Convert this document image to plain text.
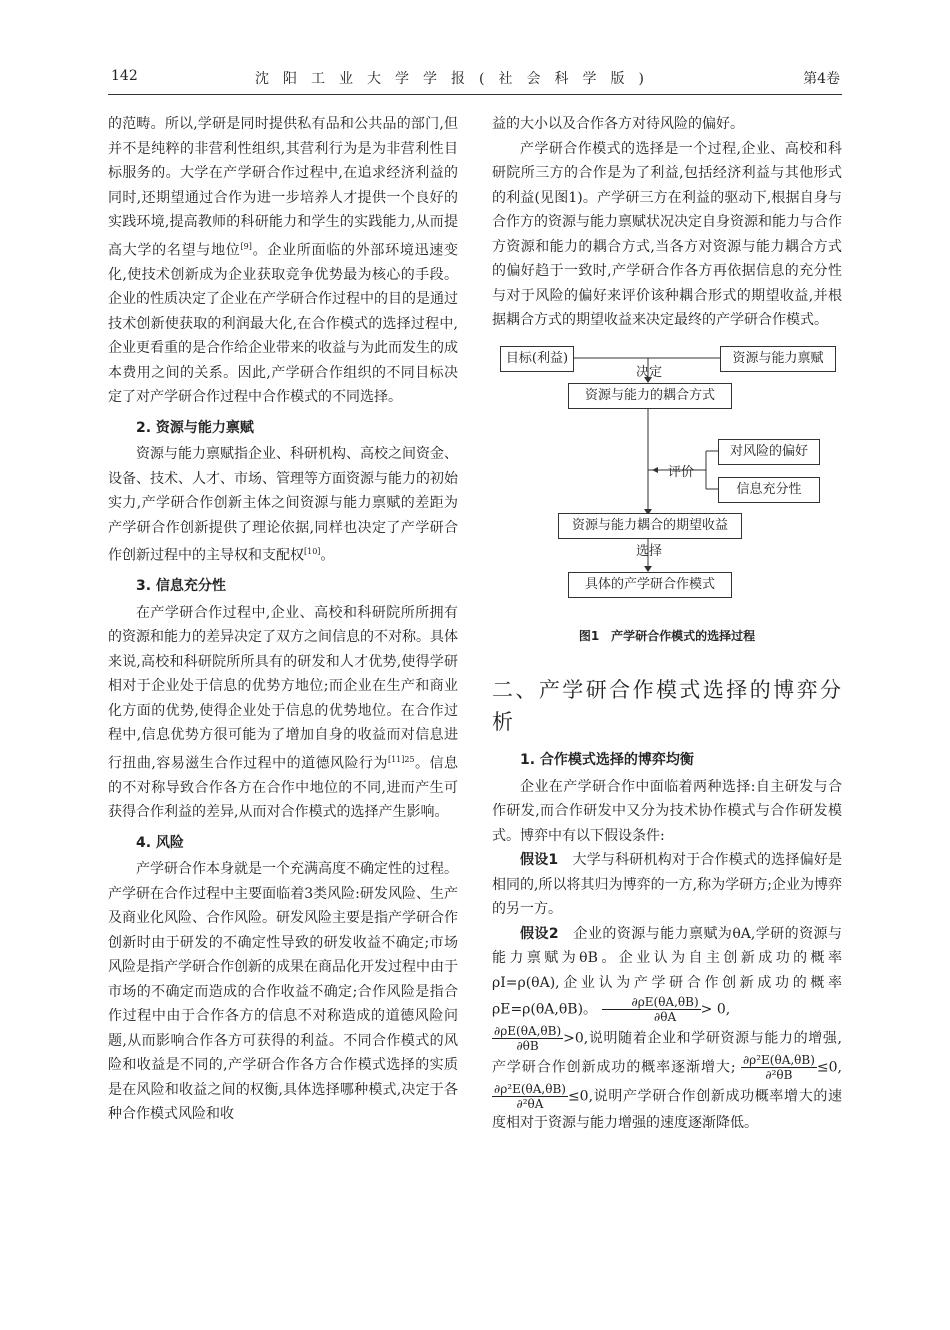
142	沈阳工业大学学报(社会科学版)	第4卷

的范畴。所以,学研是同时提供私有品和公共品的部门,但并不是纯粹的非营利性组织,其营利行为是为非营利性目标服务的。大学在产学研合作过程中,在追求经济利益的同时,还期望通过合作为进一步培养人才提供一个良好的实践环境,提高教师的科研能力和学生的实践能力,从而提高大学的名望与地位[9]。企业所面临的外部环境迅速变化,使技术创新成为企业获取竞争优势最为核心的手段。企业的性质决定了企业在产学研合作过程中的目的是通过技术创新使获取的利润最大化,在合作模式的选择过程中,企业更看重的是合作给企业带来的收益与为此而发生的成本费用之间的关系。因此,产学研合作组织的不同目标决定了对产学研合作过程中合作模式的不同选择。

2. 资源与能力禀赋

资源与能力禀赋指企业、科研机构、高校之间资金、设备、技术、人才、市场、管理等方面资源与能力的初始实力,产学研合作创新主体之间资源与能力禀赋的差距为产学研合作创新提供了理论依据,同样也决定了产学研合作创新过程中的主导权和支配权[10]。

3. 信息充分性

在产学研合作过程中,企业、高校和科研院所所拥有的资源和能力的差异决定了双方之间信息的不对称。具体来说,高校和科研院所所具有的研发和人才优势,使得学研相对于企业处于信息的优势方地位;而企业在生产和商业化方面的优势,使得企业处于信息的优势地位。在合作过程中,信息优势方很可能为了增加自身的收益而对信息进行扭曲,容易滋生合作过程中的道德风险行为$^{[11]25}$。信息的不对称导致合作各方在合作中地位的不同,进而产生可获得合作利益的差异,从而对合作模式的选择产生影响。

4. 风险

产学研合作本身就是一个充满高度不确定性的过程。产学研在合作过程中主要面临着3类风险:研发风险、生产及商业化风险、合作风险。研发风险主要是指产学研合作创新时由于研发的不确定性导致的研发收益不确定;市场风险是指产学研合作创新的成果在商品化开发过程中由于市场的不确定而造成的合作收益不确定;合作风险是指合作过程中由于合作各方的信息不对称造成的道德风险问题,从而影响合作各方可获得的利益。不同合作模式的风险和收益是不同的,产学研合作各方合作模式选择的实质是在风险和收益之间的权衡,具体选择哪种模式,决定于各种合作模式风险和收

益的大小以及合作各方对待风险的偏好。

产学研合作模式的选择是一个过程,企业、高校和科研院所三方的合作是为了利益,包括经济利益与其他形式的利益(见图1)。产学研三方在利益的驱动下,根据自身与合作方的资源与能力禀赋状况决定自身资源和能力与合作方资源和能力的耦合方式,当各方对资源与能力耦合方式的偏好趋于一致时,产学研合作各方再依据信息的充分性与对于风险的偏好来评价该种耦合形式的期望收益,并根据耦合方式的期望收益来决定最终的产学研合作模式。

目标(利益)	资源与能力禀赋
决定
资源与能力的耦合方式
对风险的偏好
评价
信息充分性
资源与能力耦合的期望收益
选择
具体的产学研合作模式
图1　产学研合作模式的选择过程
二、产学研合作模式选择的博弈分析
1. 合作模式选择的博弈均衡

企业在产学研合作中面临着两种选择:自主研发与合作研发,而合作研发中又分为技术协作模式与合作研发模式。博弈中有以下假设条件:

假设1　 大学与科研机构对于合作模式的选择偏好是相同的,所以将其归为博弈的一方,称为学研方;企业为博弈的另一方。

假设2　 企业的资源与能力禀赋为θA,学研的资源与能力禀赋为θB。企业认为自主创新成功的概率ρI=ρ(θA),企业认为产学研合作创新成功的概率ρE=ρ(θA,θB)。 $\frac{\partial\rho E(\theta A,\theta B)}{\partial\theta A} > 0$,

$\frac{\partial\rho E(\theta A,\theta B)}{\partial\theta B} >0$,说明随着企业和学研资源与能力的增强,产学研合作创新成功的概率逐渐增大; $\frac{\text{∂ρ²E(θA,θB)}}{\text{∂²θB}} \le 0$,
$\frac{\text{∂ρ²E(θA,θB)}}{\text{∂²θA}} \le 0$,说明产学研合作创新成功概率增大的速度相对于资源与能力增强的速度逐渐降低。
